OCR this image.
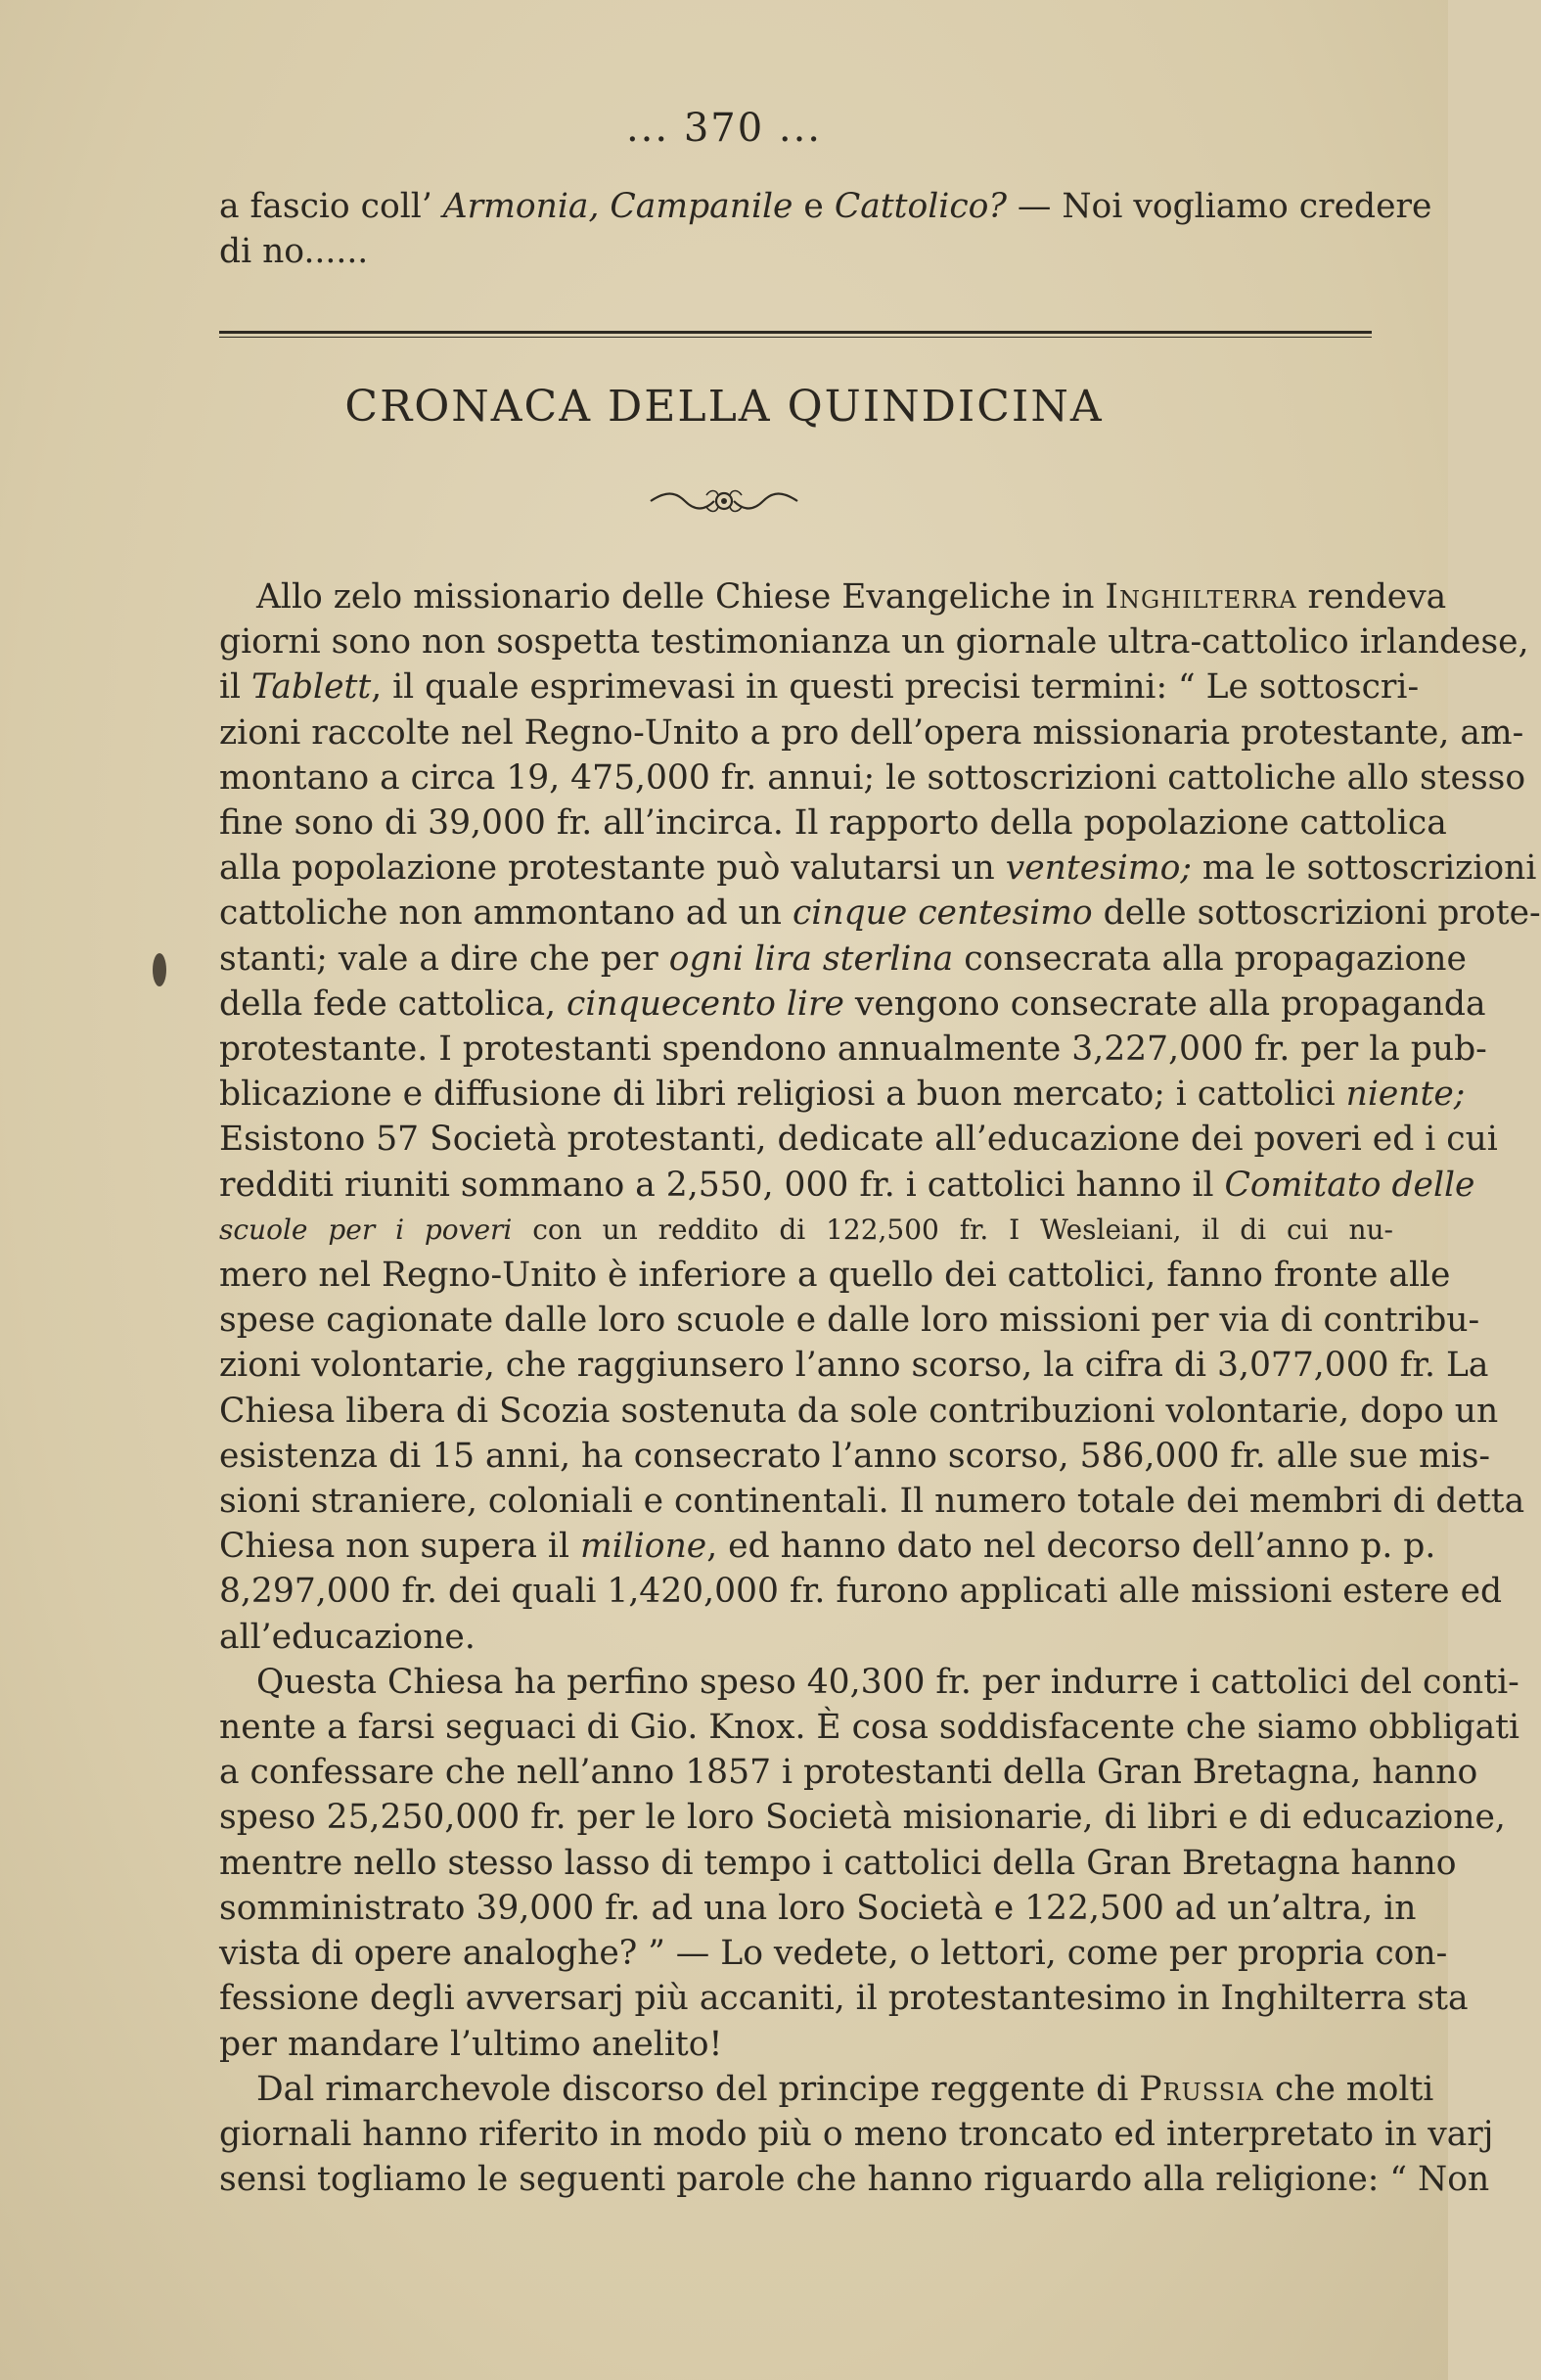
... 370 ...
a fascio coll’ Armonia, Campanile e Cattolico? — Noi vogliamo credere
di no......
CRONACA DELLA QUINDICINA
Allo zelo missionario delle Chiese Evangeliche in Inghilterra rendeva
giorni sono non sospetta testimonianza un giornale ultra-cattolico irlandese,
il Tablett, il quale esprimevasi in questi precisi termini: “ Le sottoscri-
zioni raccolte nel Regno-Unito a pro dell’opera missionaria protestante, am-
montano a circa 19, 475,000 fr. annui; le sottoscrizioni cattoliche allo stesso
fine sono di 39,000 fr. all’incirca. Il rapporto della popolazione cattolica
alla popolazione protestante può valutarsi un ventesimo; ma le sottoscrizioni
cattoliche non ammontano ad un cinque centesimo delle sottoscrizioni prote-
stanti; vale a dire che per ogni lira sterlina consecrata alla propagazione
della fede cattolica, cinquecento lire vengono consecrate alla propaganda
protestante. I protestanti spendono annualmente 3,227,000 fr. per la pub-
blicazione e diffusione di libri religiosi a buon mercato; i cattolici niente;
Esistono 57 Società protestanti, dedicate all’educazione dei poveri ed i cui
redditi riuniti sommano a 2,550, 000 fr. i cattolici hanno il Comitato delle
scuole per i poveri con un reddito di 122,500 fr. I Wesleiani, il di cui nu-
mero nel Regno-Unito è inferiore a quello dei cattolici, fanno fronte alle
spese cagionate dalle loro scuole e dalle loro missioni per via di contribu-
zioni volontarie, che raggiunsero l’anno scorso, la cifra di 3,077,000 fr. La
Chiesa libera di Scozia sostenuta da sole contribuzioni volontarie, dopo un
esistenza di 15 anni, ha consecrato l’anno scorso, 586,000 fr. alle sue mis-
sioni straniere, coloniali e continentali. Il numero totale dei membri di detta
Chiesa non supera il milione, ed hanno dato nel decorso dell’anno p. p.
8,297,000 fr. dei quali 1,420,000 fr. furono applicati alle missioni estere ed
all’educazione.
Questa Chiesa ha perfino speso 40,300 fr. per indurre i cattolici del conti-
nente a farsi seguaci di Gio. Knox. È cosa soddisfacente che siamo obbligati
a confessare che nell’anno 1857 i protestanti della Gran Bretagna, hanno
speso 25,250,000 fr. per le loro Società misionarie, di libri e di educazione,
mentre nello stesso lasso di tempo i cattolici della Gran Bretagna hanno
somministrato 39,000 fr. ad una loro Società e 122,500 ad un’altra, in
vista di opere analoghe? ” — Lo vedete, o lettori, come per propria con-
fessione degli avversarj più accaniti, il protestantesimo in Inghilterra sta
per mandare l’ultimo anelito!
Dal rimarchevole discorso del principe reggente di Prussia che molti
giornali hanno riferito in modo più o meno troncato ed interpretato in varj
sensi togliamo le seguenti parole che hanno riguardo alla religione: “ Non
